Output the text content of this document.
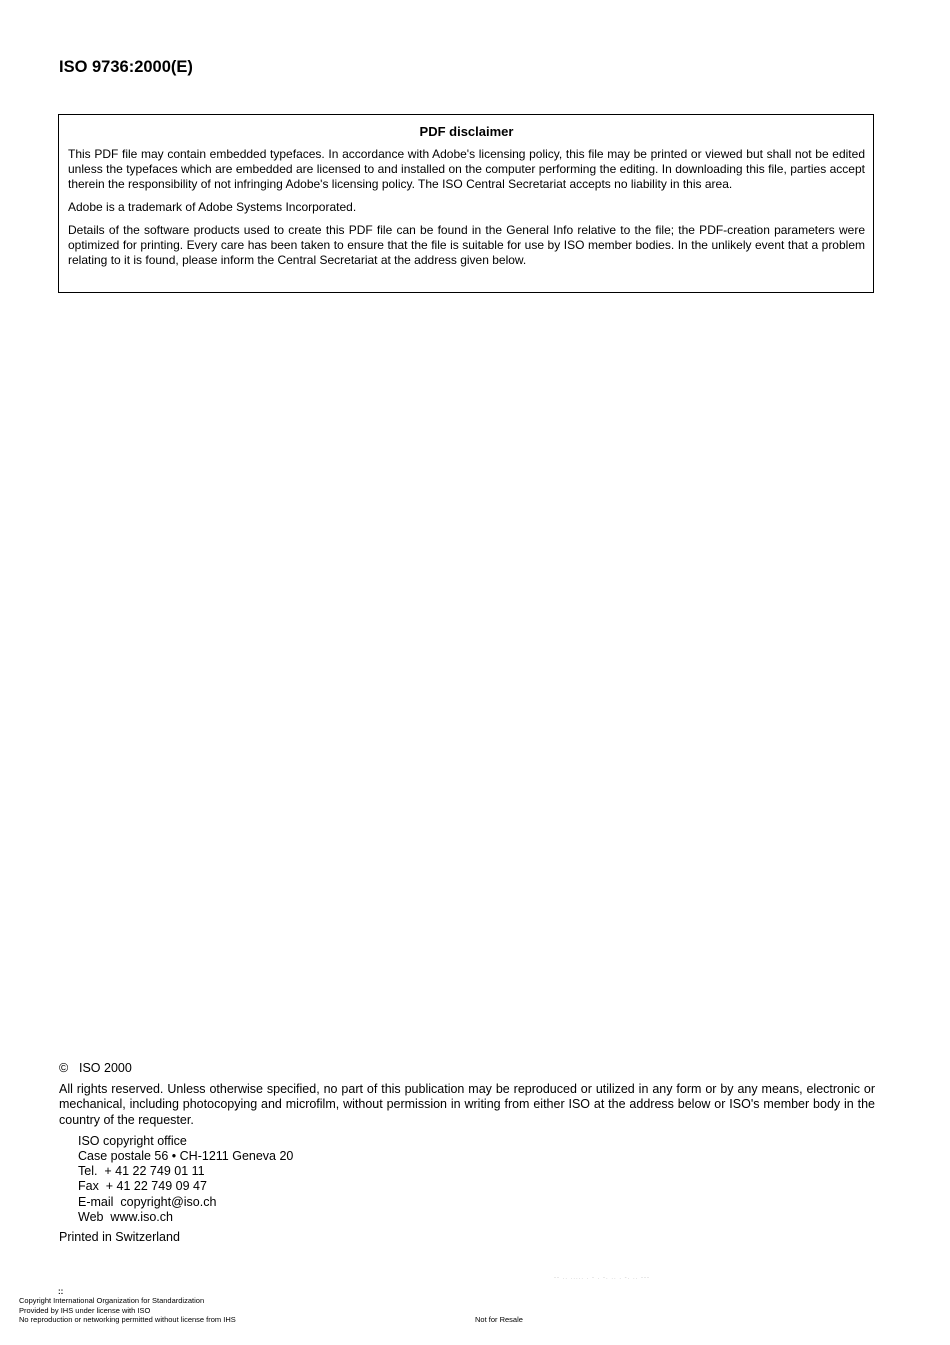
ISO 9736:2000(E)
PDF disclaimer

This PDF file may contain embedded typefaces. In accordance with Adobe's licensing policy, this file may be printed or viewed but shall not be edited unless the typefaces which are embedded are licensed to and installed on the computer performing the editing. In downloading this file, parties accept therein the responsibility of not infringing Adobe's licensing policy. The ISO Central Secretariat accepts no liability in this area.

Adobe is a trademark of Adobe Systems Incorporated.

Details of the software products used to create this PDF file can be found in the General Info relative to the file; the PDF-creation parameters were optimized for printing. Every care has been taken to ensure that the file is suitable for use by ISO member bodies. In the unlikely event that a problem relating to it is found, please inform the Central Secretariat at the address given below.

© ISO 2000

All rights reserved. Unless otherwise specified, no part of this publication may be reproduced or utilized in any form or by any means, electronic or mechanical, including photocopying and microfilm, without permission in writing from either ISO at the address below or ISO's member body in the country of the requester.

ISO copyright office
Case postale 56 • CH-1211 Geneva 20
Tel.  + 41 22 749 01 11
Fax  + 41 22 749 09 47
E-mail  copyright@iso.ch
Web  www.iso.ch

Printed in Switzerland

-- .. ..... . - . -. .. . -. .. ---
::
Copyright International Organization for Standardization
Provided by IHS under license with ISO
No reproduction or networking permitted without license from IHS	Not for Resale
